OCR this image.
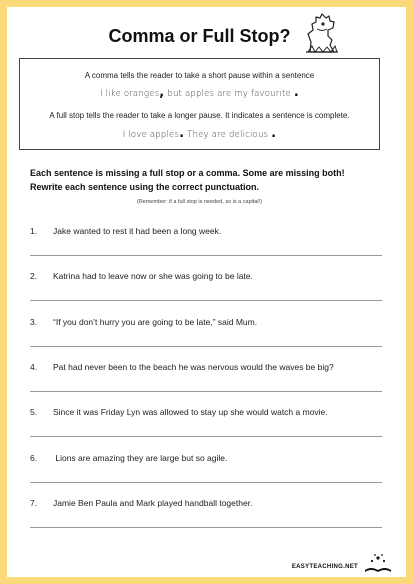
Comma or Full Stop?
A comma tells the reader to take a short pause within a sentence
I like oranges, but apples are my favourite .
A full stop tells the reader to take a longer pause. It indicates a sentence is complete.
I love apples. They are delicious .
Each sentence is missing a full stop or a comma. Some are missing both!
Rewrite each sentence using the correct punctuation.
(Remember: if a full stop is needed, so is a capital!)
1. Jake wanted to rest it had been a long week.
2. Katrina had to leave now or she was going to be late.
3. “If you don’t hurry you are going to be late,” said Mum.
4. Pat had never been to the beach he was nervous would the waves be big?
5. Since it was Friday Lyn was allowed to stay up she would watch a movie.
6. Lions are amazing they are large but so agile.
7. Jamie Ben Paula and Mark played handball together.
EASYTEACHING.NET
